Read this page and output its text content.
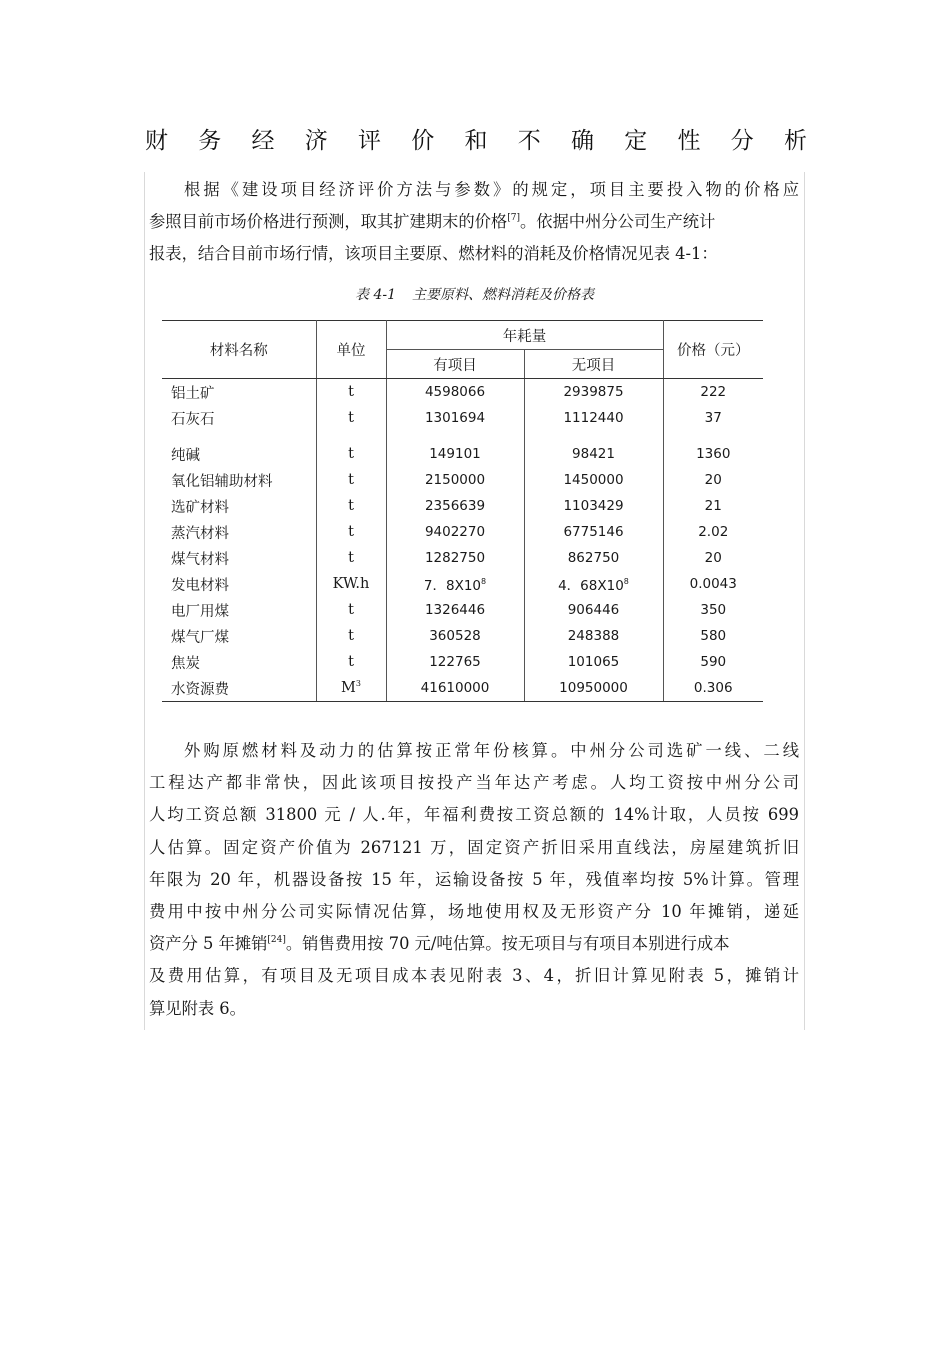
财 务 经 济 评 价 和 不 确 定 性 分 析
根据《建设项目经济评价方法与参数》的规定，项目主要投入物的价格应
参照目前市场价格进行预测，取其扩建期末的价格[7]。依据中州分公司生产统计
报表，结合目前市场行情，该项目主要原、燃材料的消耗及价格情况见表 4-1：
表 4-1 主要原料、燃料消耗及价格表
材料名称	单位	年耗量		价格（元）
		有项目	无项目	
铝土矿	t	4598066	2939875	222
石灰石	t	1301694	1112440	37

纯碱	t	149101	98421	1360
氧化铝辅助材料	t	2150000	1450000	20
选矿材料	t	2356639	1103429	21
蒸汽材料	t	9402270	6775146	2.02
煤气材料	t	1282750	862750	20
发电材料	KW.h	7．$8X10^8$	4．$68X10^8$	0.0043
电厂用煤	t	1326446	906446	350
煤气厂煤	t	360528	248388	580
焦炭	t	122765	101065	590
水资源费	$M^3$	41610000	10950000	0.306
外购原燃材料及动力的估算按正常年份核算。中州分公司选矿一线、二线
工程达产都非常快，因此该项目按投产当年达产考虑。人均工资按中州分公司
人均工资总额 31800 元 / 人.年，年福利费按工资总额的 14%计取，人员按 699
人估算。固定资产价值为 267121 万，固定资产折旧采用直线法，房屋建筑折旧
年限为 20 年，机器设备按 15 年，运输设备按 5 年，残值率均按 5%计算。管理
费用中按中州分公司实际情况估算，场地使用权及无形资产分 10 年摊销，递延
资产分 5 年摊销[24]。销售费用按 70 元/吨估算。按无项目与有项目本别进行成本
及费用估算，有项目及无项目成本表见附表 3、4，折旧计算见附表 5，摊销计
算见附表 6。
